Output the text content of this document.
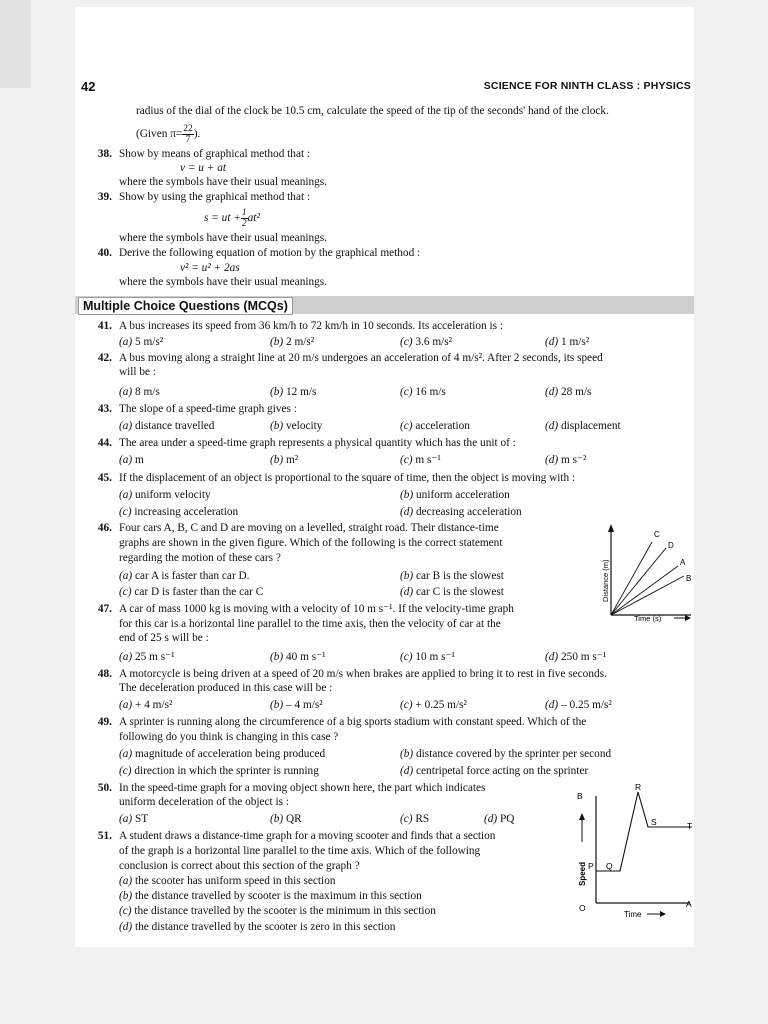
42	SCIENCE FOR NINTH CLASS : PHYSICS
radius of the dial of the clock be 10.5 cm, calculate the speed of the tip of the seconds' hand of the clock.
(Given $\pi= \frac{22}{7}$ ).
38. Show by means of graphical method that :
v = u + at
where the symbols have their usual meanings.
39. Show by using the graphical method that :
s = ut + $\frac{1}{2} at^2$
where the symbols have their usual meanings.
40. Derive the following equation of motion by the graphical method :
v² = u² + 2as
where the symbols have their usual meanings.
Multiple Choice Questions (MCQs)
41. A bus increases its speed from 36 km/h to 72 km/h in 10 seconds. Its acceleration is :
(a) 5 m/s²	(b) 2 m/s²	(c) 3.6 m/s²	(d) 1 m/s²
42. A bus moving along a straight line at 20 m/s undergoes an acceleration of 4 m/s². After 2 seconds, its speed
will be :
(a) 8 m/s	(b) 12 m/s	(c) 16 m/s	(d) 28 m/s
43. The slope of a speed-time graph gives :
(a) distance travelled	(b) velocity	(c) acceleration	(d) displacement
44. The area under a speed-time graph represents a physical quantity which has the unit of :
(a) m	(b) m²	(c) m s⁻¹	(d) m s⁻²
45. If the displacement of an object is proportional to the square of time, then the object is moving with :
(a) uniform velocity	(b) uniform acceleration
(c) increasing acceleration	(d) decreasing acceleration
46. Four cars A, B, C and D are moving on a levelled, straight road. Their distance-time
graphs are shown in the given figure. Which of the following is the correct statement
regarding the motion of these cars ?
(a) car A is faster than car D.	(b) car B is the slowest
(c) car D is faster than the car C	(d) car C is the slowest
C
D
A
B
Distance (m)
Time (s)
47. A car of mass 1000 kg is moving with a velocity of 10 m s⁻¹. If the velocity-time graph
for this car is a horizontal line parallel to the time axis, then the velocity of car at the
end of 25 s will be :
(a) 25 m s⁻¹	(b) 40 m s⁻¹	(c) 10 m s⁻¹	(d) 250 m s⁻¹
48. A motorcycle is being driven at a speed of 20 m/s when brakes are applied to bring it to rest in five seconds.
The deceleration produced in this case will be :
(a) + 4 m/s²	(b) – 4 m/s²	(c) + 0.25 m/s²	(d) – 0.25 m/s²
49. A sprinter is running along the circumference of a big sports stadium with constant speed. Which of the
following do you think is changing in this case ?
(a) magnitude of acceleration being produced	(b) distance covered by the sprinter per second
(c) direction in which the sprinter is running	(d) centripetal force acting on the sprinter
50. In the speed-time graph for a moving object shown here, the part which indicates
uniform deceleration of the object is :
(a) ST	(b) QR	(c) RS	(d) PQ
51. A student draws a distance-time graph for a moving scooter and finds that a section
of the graph is a horizontal line parallel to the time axis. Which of the following
conclusion is correct about this section of the graph ?
(a) the scooter has uniform speed in this section
(b) the distance travelled by scooter is the maximum in this section
(c) the distance travelled by the scooter is the minimum in this section
(d) the distance travelled by the scooter is zero in this section
B
R
S	T
P Q
O	A
Speed
Time
